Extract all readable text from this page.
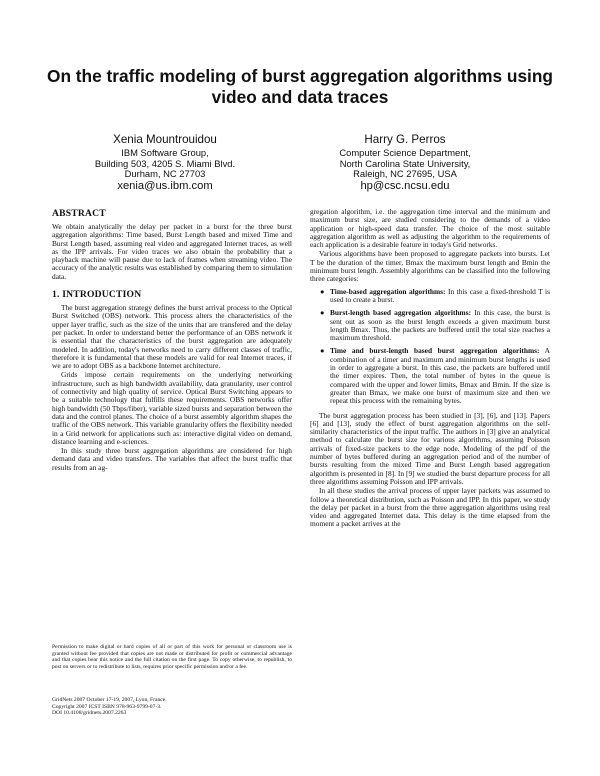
On the traffic modeling of burst aggregation algorithms using video and data traces
Xenia Mountrouidou
IBM Software Group,
Building 503, 4205 S. Miami Blvd.
Durham, NC 27703
xenia@us.ibm.com
Harry G. Perros
Computer Science Department,
North Carolina State University,
Raleigh, NC 27695, USA
hp@csc.ncsu.edu
ABSTRACT

We obtain analytically the delay per packet in a burst for the three burst aggregation algorithms: Time based, Burst Length based and mixed Time and Burst Length based, assuming real video and aggregated Internet traces, as well as the IPP arrivals. For video traces we also obtain the probability that a playback machine will pause due to lack of frames when streaming video. The accuracy of the analytic results was established by comparing them to simulation data.

1. INTRODUCTION

The burst aggregation strategy defines the burst arrival process to the Optical Burst Switched (OBS) network. This process alters the characteristics of the upper layer traffic, such as the size of the units that are transfered and the delay per packet. In order to understand better the performance of an OBS network it is essential that the characteristics of the burst aggregation are adequately modeled. In addition, today's networks need to carry different classes of traffic, therefore it is fundamental that these models are valid for real Internet traces, if we are to adopt OBS as a backbone Internet architecture.

Grids impose certain requirements on the underlying networking infrastructure, such as high bandwidth availability, data granularity, user control of connectivity and high quality of service. Optical Burst Switching appears to be a suitable technology that fulfills these requirements. OBS networks offer high bandwidth (50 Tbps/fiber), variable sized bursts and separation between the data and the control planes. The choice of a burst assembly algorithm shapes the traffic of the OBS network. This variable granularity offers the flexibility needed in a Grid network for applications such as: interactive digital video on demand, distance learning and e-sciences.

In this study three burst aggregation algorithms are considered for high demand data and video transfers. The variables that affect the burst traffic that results from an ag-

gregation algorithm, i.e. the aggregation time interval and the minimum and maximum burst size, are studied considering to the demands of a video application or high-speed data transfer. The choice of the most suitable aggregation algorithm as well as adjusting the algorithm to the requirements of each application is a desirable feature in today's Grid networks.

Various algorithms have been proposed to aggregate packets into bursts. Let T be the duration of the timer, Bmax the maximum burst length and Bmin the minimum burst length. Assembly algorithms can be classified into the following three categories:

● Time-based aggregation algorithms: In this case a fixed-threshold T is used to create a burst.
● Burst-length based aggregation algorithms: In this case, the burst is sent out as soon as the burst length exceeds a given maximum burst length Bmax. Thus, the packets are buffered until the total size reaches a maximum threshold.
● Time and burst-length based burst aggregation algorithms: A combination of a timer and maximum and minimum burst lengths is used in order to aggregate a burst. In this case, the packets are buffered until the timer expires. Then, the total number of bytes in the queue is compared with the upper and lower limits, Bmax and Bmin. If the size is greater than Bmax, we make one burst of maximum size and then we repeat this process with the remaining bytes.

The burst aggregation process has been studied in [3], [6], and [13]. Papers [6] and [13], study the effect of burst aggregation algorithms on the self-similarity characteristics of the input traffic. The authors in [3] give an analytical method to calculate the burst size for various algorithms, assuming Poisson arrivals of fixed-size packets to the edge node. Modeling of the pdf of the number of bytes buffered during an aggregation period and of the number of bursts resulting from the mixed Time and Burst Length based aggregation algorithm is presented in [8]. In [9] we studied the burst departure process for all three algorithms assuming Poisson and IPP arrivals.

In all these studies the arrival process of upper layer packets was assumed to follow a theoretical distribution, such as Poisson and IPP. In this paper, we study the delay per packet in a burst from the three aggregation algorithms using real video and aggregated Internet data. This delay is the time elapsed from the moment a packet arrives at the

Permission to make digital or hard copies of all or part of this work for personal or classroom use is granted without fee provided that copies are not made or distributed for profit or commercial advantage and that copies bear this notice and the full citation on the first page. To copy otherwise, to republish, to post on servers or to redistribute to lists, requires prior specific permission and/or a fee.
GridNets 2007 October 17-19, 2007, Lyon, France.
Copyright 2007 ICST ISBN 978-963-9799-07-3.
DOI 10.4108/gridnets.2007.2263
